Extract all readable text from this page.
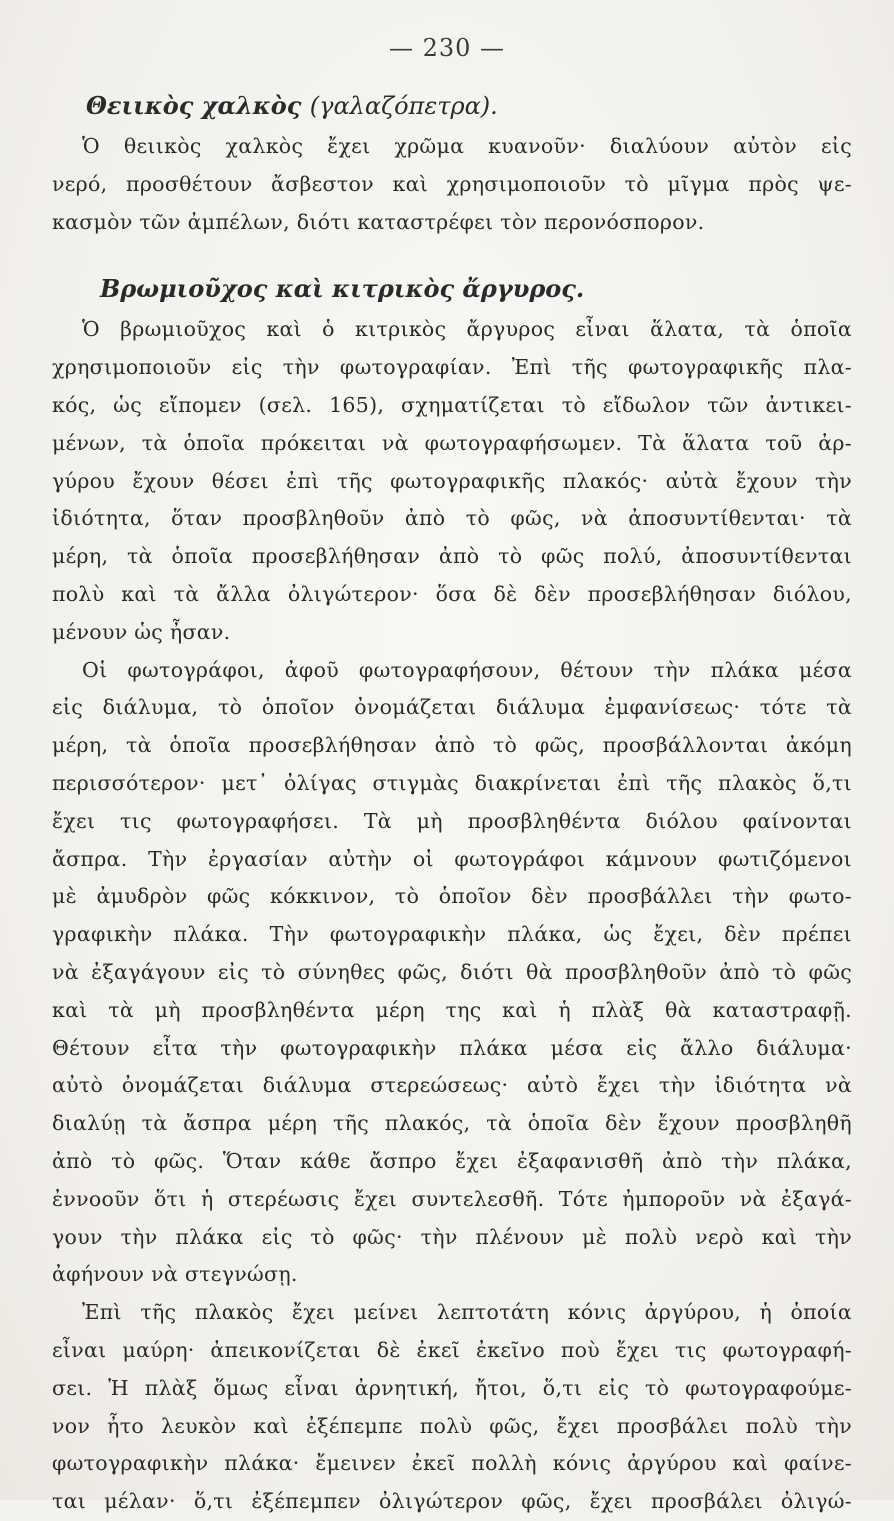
— 230 —
Θειικὸς χαλκὸς (γαλαζόπετρα).
Ὁ θειικὸς χαλκὸς ἔχει χρῶμα κυανοῦν· διαλύουν αὐτὸν εἰς
νερό, προσθέτουν ἄσβεστον καὶ χρησιμοποιοῦν τὸ μῖγμα πρὸς ψε-
κασμὸν τῶν ἀμπέλων, διότι καταστρέφει τὸν περονόσπορον.
Βρωμιοῦχος καὶ κιτρικὸς ἄργυρος.
Ὁ βρωμιοῦχος καὶ ὁ κιτρικὸς ἄργυρος εἶναι ἅλατα, τὰ ὁποῖα
χρησιμοποιοῦν εἰς τὴν φωτογραφίαν. Ἐπὶ τῆς φωτογραφικῆς πλα-
κός, ὡς εἴπομεν (σελ. 165), σχηματίζεται τὸ εἴδωλον τῶν ἀντικει-
μένων, τὰ ὁποῖα πρόκειται νὰ φωτογραφήσωμεν. Τὰ ἅλατα τοῦ ἀρ-
γύρου ἔχουν θέσει ἐπὶ τῆς φωτογραφικῆς πλακός· αὐτὰ ἔχουν τὴν
ἰδιότητα, ὅταν προσβληθοῦν ἀπὸ τὸ φῶς, νὰ ἀποσυντίθενται· τὰ
μέρη, τὰ ὁποῖα προσεβλήθησαν ἀπὸ τὸ φῶς πολύ, ἀποσυντίθενται
πολὺ καὶ τὰ ἄλλα ὀλιγώτερον· ὅσα δὲ δὲν προσεβλήθησαν διόλου,
μένουν ὡς ἦσαν.
Οἱ φωτογράφοι, ἀφοῦ φωτογραφήσουν, θέτουν τὴν πλάκα μέσα
εἰς διάλυμα, τὸ ὁποῖον ὀνομάζεται διάλυμα ἐμφανίσεως· τότε τὰ
μέρη, τὰ ὁποῖα προσεβλήθησαν ἀπὸ τὸ φῶς, προσβάλλονται ἀκόμη
περισσότερον· μετ᾽ ὀλίγας στιγμὰς διακρίνεται ἐπὶ τῆς πλακὸς ὅ,τι
ἔχει τις φωτογραφήσει. Τὰ μὴ προσβληθέντα διόλου φαίνονται
ἄσπρα. Τὴν ἐργασίαν αὐτὴν οἱ φωτογράφοι κάμνουν φωτιζόμενοι
μὲ ἀμυδρὸν φῶς κόκκινον, τὸ ὁποῖον δὲν προσβάλλει τὴν φωτο-
γραφικὴν πλάκα. Τὴν φωτογραφικὴν πλάκα, ὡς ἔχει, δὲν πρέπει
νὰ ἐξαγάγουν εἰς τὸ σύνηθες φῶς, διότι θὰ προσβληθοῦν ἀπὸ τὸ φῶς
καὶ τὰ μὴ προσβληθέντα μέρη της καὶ ἡ πλὰξ θὰ καταστραφῇ.
Θέτουν εἶτα τὴν φωτογραφικὴν πλάκα μέσα εἰς ἄλλο διάλυμα·
αὐτὸ ὀνομάζεται διάλυμα στερεώσεως· αὐτὸ ἔχει τὴν ἰδιότητα νὰ
διαλύῃ τὰ ἄσπρα μέρη τῆς πλακός, τὰ ὁποῖα δὲν ἔχουν προσβληθῆ
ἀπὸ τὸ φῶς. Ὅταν κάθε ἄσπρο ἔχει ἐξαφανισθῆ ἀπὸ τὴν πλάκα,
ἐννοοῦν ὅτι ἡ στερέωσις ἔχει συντελεσθῆ. Τότε ἠμποροῦν νὰ ἐξαγά-
γουν τὴν πλάκα εἰς τὸ φῶς· τὴν πλένουν μὲ πολὺ νερὸ καὶ τὴν
ἀφήνουν νὰ στεγνώσῃ.
Ἐπὶ τῆς πλακὸς ἔχει μείνει λεπτοτάτη κόνις ἀργύρου, ἡ ὁποία
εἶναι μαύρη· ἀπεικονίζεται δὲ ἐκεῖ ἐκεῖνο ποὺ ἔχει τις φωτογραφή-
σει. Ἡ πλὰξ ὅμως εἶναι ἀρνητική, ἤτοι, ὅ,τι εἰς τὸ φωτογραφούμε-
νον ἦτο λευκὸν καὶ ἐξέπεμπε πολὺ φῶς, ἔχει προσβάλει πολὺ τὴν
φωτογραφικὴν πλάκα· ἔμεινεν ἐκεῖ πολλὴ κόνις ἀργύρου καὶ φαίνε-
ται μέλαν· ὅ,τι ἐξέπεμπεν ὀλιγώτερον φῶς, ἔχει προσβάλει ὀλιγώ-
